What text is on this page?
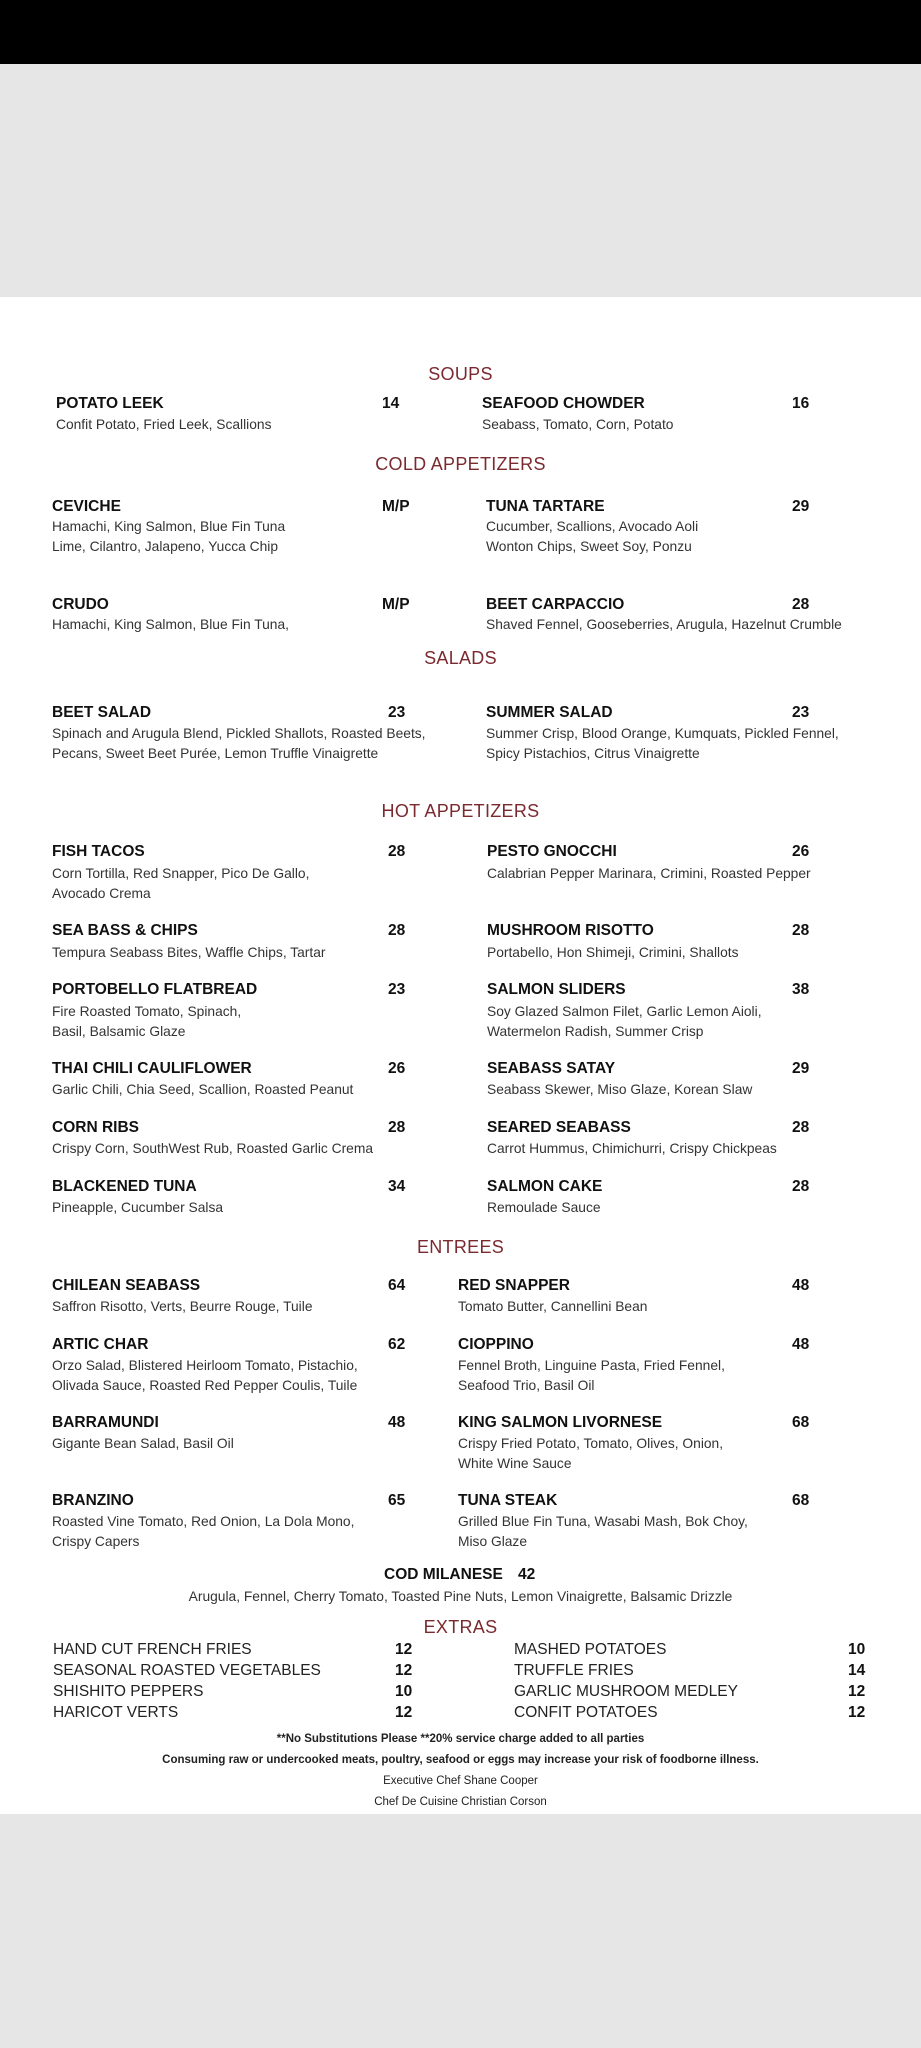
SOUPS
COLD APPETIZERS
SALADS
HOT APPETIZERS
ENTREES
EXTRAS
POTATO LEEK	14
Confit Potato, Fried Leek, Scallions
SEAFOOD CHOWDER	16
Seabass, Tomato, Corn, Potato
CEVICHE	M/P
Hamachi, King Salmon, Blue Fin Tuna
Lime, Cilantro, Jalapeno, Yucca Chip
TUNA TARTARE	29
Cucumber, Scallions, Avocado Aoli
Wonton Chips, Sweet Soy, Ponzu
CRUDO	M/P
Hamachi, King Salmon, Blue Fin Tuna,
BEET CARPACCIO	28
Shaved Fennel, Gooseberries, Arugula, Hazelnut Crumble
BEET SALAD	23
Spinach and Arugula Blend, Pickled Shallots, Roasted Beets,
Pecans, Sweet Beet Purée, Lemon Truffle Vinaigrette
SUMMER SALAD	23
Summer Crisp, Blood Orange, Kumquats, Pickled Fennel,
Spicy Pistachios, Citrus Vinaigrette
FISH TACOS	28
Corn Tortilla, Red Snapper, Pico De Gallo,
Avocado Crema
PESTO GNOCCHI	26
Calabrian Pepper Marinara, Crimini, Roasted Pepper
SEA BASS & CHIPS	28
Tempura Seabass Bites, Waffle Chips, Tartar
MUSHROOM RISOTTO	28
Portabello, Hon Shimeji, Crimini, Shallots
PORTOBELLO FLATBREAD	23
Fire Roasted Tomato, Spinach,
Basil, Balsamic Glaze
SALMON SLIDERS	38
Soy Glazed Salmon Filet, Garlic Lemon Aioli,
Watermelon Radish, Summer Crisp
THAI CHILI CAULIFLOWER	26
Garlic Chili, Chia Seed, Scallion, Roasted Peanut
SEABASS SATAY	29
Seabass Skewer, Miso Glaze, Korean Slaw
CORN RIBS	28
Crispy Corn, SouthWest Rub, Roasted Garlic Crema
SEARED SEABASS	28
Carrot Hummus, Chimichurri, Crispy Chickpeas
BLACKENED TUNA	34
Pineapple, Cucumber Salsa
SALMON CAKE	28
Remoulade Sauce
CHILEAN SEABASS	64
Saffron Risotto, Verts, Beurre Rouge, Tuile
RED SNAPPER	48
Tomato Butter, Cannellini Bean
ARTIC CHAR	62
Orzo Salad, Blistered Heirloom Tomato, Pistachio,
Olivada Sauce, Roasted Red Pepper Coulis, Tuile
CIOPPINO	48
Fennel Broth, Linguine Pasta, Fried Fennel,
Seafood Trio, Basil Oil
BARRAMUNDI	48
Gigante Bean Salad, Basil Oil
KING SALMON LIVORNESE	68
Crispy Fried Potato, Tomato, Olives, Onion,
White Wine Sauce
BRANZINO	65
Roasted Vine Tomato, Red Onion, La Dola Mono,
Crispy Capers
TUNA STEAK	68
Grilled Blue Fin Tuna, Wasabi Mash, Bok Choy,
Miso Glaze
COD MILANESE 42
Arugula, Fennel, Cherry Tomato, Toasted Pine Nuts, Lemon Vinaigrette, Balsamic Drizzle
HAND CUT FRENCH FRIES	12	MASHED POTATOES	10
SEASONAL ROASTED VEGETABLES	12	TRUFFLE FRIES	14
SHISHITO PEPPERS	10	GARLIC MUSHROOM MEDLEY	12
HARICOT VERTS	12	CONFIT POTATOES	12
**No Substitutions Please **20% service charge added to all parties
Consuming raw or undercooked meats, poultry, seafood or eggs may increase your risk of foodborne illness.
Executive Chef Shane Cooper
Chef De Cuisine Christian Corson
